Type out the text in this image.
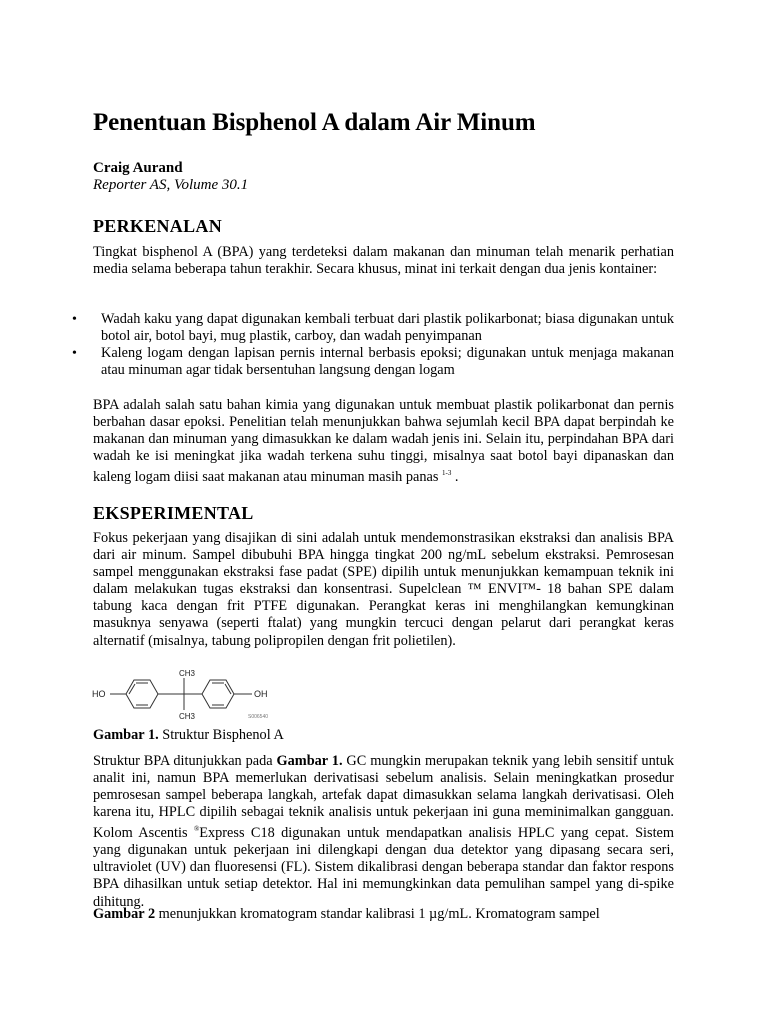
Penentuan Bisphenol A dalam Air Minum

Craig Aurand

Reporter AS, Volume 30.1

PERKENALAN

Tingkat bisphenol A (BPA) yang terdeteksi dalam makanan dan minuman telah menarik perhatian media selama beberapa tahun terakhir. Secara khusus, minat ini terkait dengan dua jenis kontainer:

• Wadah kaku yang dapat digunakan kembali terbuat dari plastik polikarbonat; biasa digunakan untuk botol air, botol bayi, mug plastik, carboy, dan wadah penyimpanan
• Kaleng logam dengan lapisan pernis internal berbasis epoksi; digunakan untuk menjaga makanan atau minuman agar tidak bersentuhan langsung dengan logam

BPA adalah salah satu bahan kimia yang digunakan untuk membuat plastik polikarbonat dan pernis berbahan dasar epoksi. Penelitian telah menunjukkan bahwa sejumlah kecil BPA dapat berpindah ke makanan dan minuman yang dimasukkan ke dalam wadah jenis ini. Selain itu, perpindahan BPA dari wadah ke isi meningkat jika wadah terkena suhu tinggi, misalnya saat botol bayi dipanaskan dan kaleng logam diisi saat makanan atau minuman masih panas $^{1-3}$ .

EKSPERIMENTAL

Fokus pekerjaan yang disajikan di sini adalah untuk mendemonstrasikan ekstraksi dan analisis BPA dari air minum. Sampel dibubuhi BPA hingga tingkat 200 ng/mL sebelum ekstraksi. Pemrosesan sampel menggunakan ekstraksi fase padat (SPE) dipilih untuk menunjukkan kemampuan teknik ini dalam melakukan tugas ekstraksi dan konsentrasi. Supelclean ™ ENVI™- 18 bahan SPE dalam tabung kaca dengan frit PTFE digunakan. Perangkat keras ini menghilangkan kemungkinan masuknya senyawa (seperti ftalat) yang mungkin tercuci dengan pelarut dari perangkat keras alternatif (misalnya, tabung polipropilen dengan frit polietilen).

HO	OH
CH3
CH3	S006540

Gambar 1. Struktur Bisphenol A

Struktur BPA ditunjukkan pada Gambar 1. GC mungkin merupakan teknik yang lebih sensitif untuk analit ini, namun BPA memerlukan derivatisasi sebelum analisis. Selain meningkatkan prosedur pemrosesan sampel beberapa langkah, artefak dapat dimasukkan selama langkah derivatisasi. Oleh karena itu, HPLC dipilih sebagai teknik analisis untuk pekerjaan ini guna meminimalkan gangguan. Kolom Ascentis ®Express C18 digunakan untuk mendapatkan analisis HPLC yang cepat. Sistem yang digunakan untuk pekerjaan ini dilengkapi dengan dua detektor yang dipasang secara seri, ultraviolet (UV) dan fluoresensi (FL). Sistem dikalibrasi dengan beberapa standar dan faktor respons BPA dihasilkan untuk setiap detektor. Hal ini memungkinkan data pemulihan sampel yang di-spike dihitung.

Gambar 2 menunjukkan kromatogram standar kalibrasi 1 µg/mL. Kromatogram sampel
